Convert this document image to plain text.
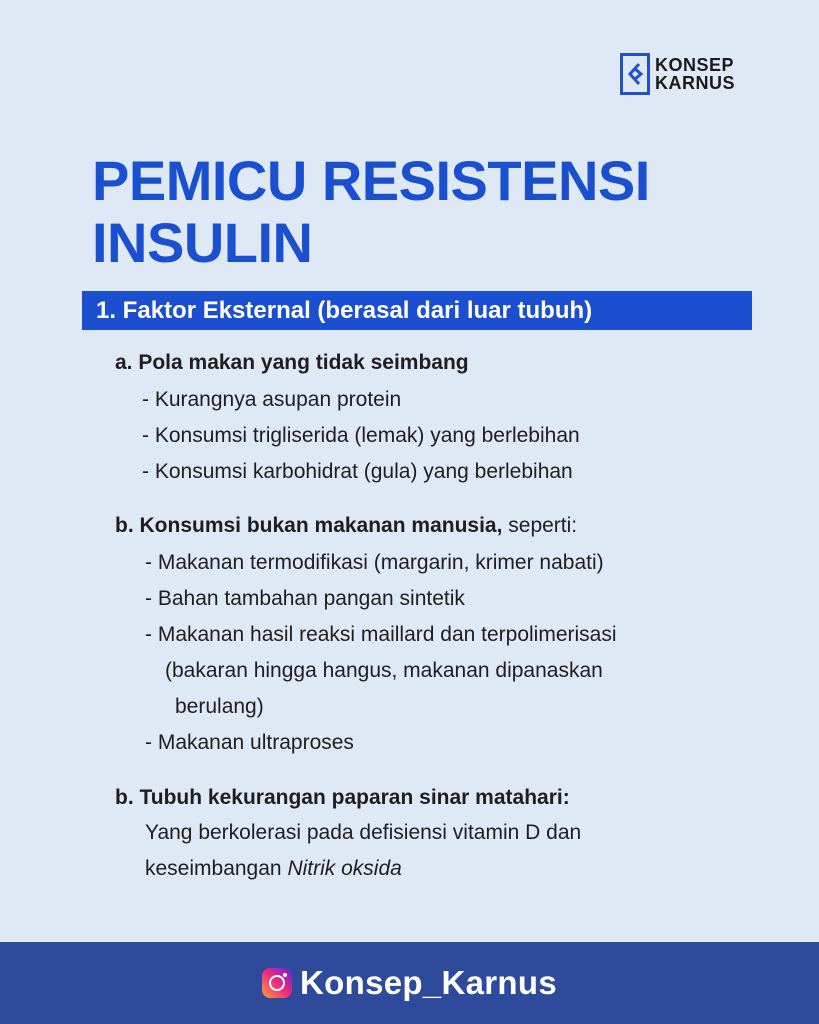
KONSEP
KARNUS
PEMICU RESISTENSI
INSULIN
1. Faktor Eksternal (berasal dari luar tubuh)
a. Pola makan yang tidak seimbang
- Kurangnya asupan protein
- Konsumsi trigliserida (lemak) yang berlebihan
- Konsumsi karbohidrat (gula) yang berlebihan
b. Konsumsi bukan makanan manusia, seperti:
- Makanan termodifikasi (margarin, krimer nabati)
- Bahan tambahan pangan sintetik
- Makanan hasil reaksi maillard dan terpolimerisasi
(bakaran hingga hangus, makanan dipanaskan
berulang)
- Makanan ultraproses
b. Tubuh kekurangan paparan sinar matahari:
Yang berkolerasi pada defisiensi vitamin D dan
keseimbangan Nitrik oksida
Konsep_Karnus
